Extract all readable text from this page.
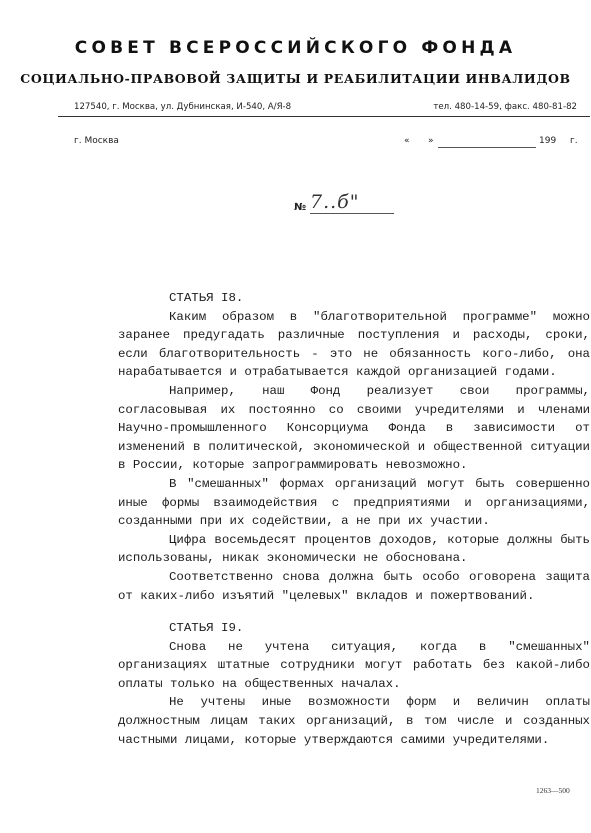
СОВЕТ ВСЕРОССИЙСКОГО ФОНДА
СОЦИАЛЬНО-ПРАВОВОЙ ЗАЩИТЫ И РЕАБИЛИТАЦИИ ИНВАЛИДОВ
127540, г. Москва, ул. Дубнинская, И-540, А/Я-8	тел. 480-14-59, факс. 480-81-82
г. Москва	« »	199 г.
№ 7..б"

СТАТЬЯ I8.

Каким образом в "благотворительной программе" можно заранее предугадать различные поступления и расходы, сроки, если благотворительность - это не обязанность кого-либо, она нарабатывается и отрабатывается каждой организацией годами.

Например, наш Фонд реализует свои программы, согласовывая их постоянно со своими учредителями и членами Научно-промышленного Консорциума Фонда в зависимости от изменений в политической, экономической и общественной ситуации в России, которые запрограммировать невозможно.

В "смешанных" формах организаций могут быть совершенно иные формы взаимодействия с предприятиями и организациями, созданными при их содействии, а не при их участии.

Цифра восемьдесят процентов доходов, которые должны быть использованы, никак экономически не обоснована.

Соответственно снова должна быть особо оговорена защита от каких-либо изъятий "целевых" вкладов и пожертвований.

СТАТЬЯ I9.

Снова не учтена ситуация, когда в "смешанных" организациях штатные сотрудники могут работать без какой-либо оплаты только на общественных началах.

Не учтены иные возможности форм и величин оплаты должностным лицам таких организаций, в том числе и созданных частными лицами, которые утверждаются самими учредителями.

1263—500
